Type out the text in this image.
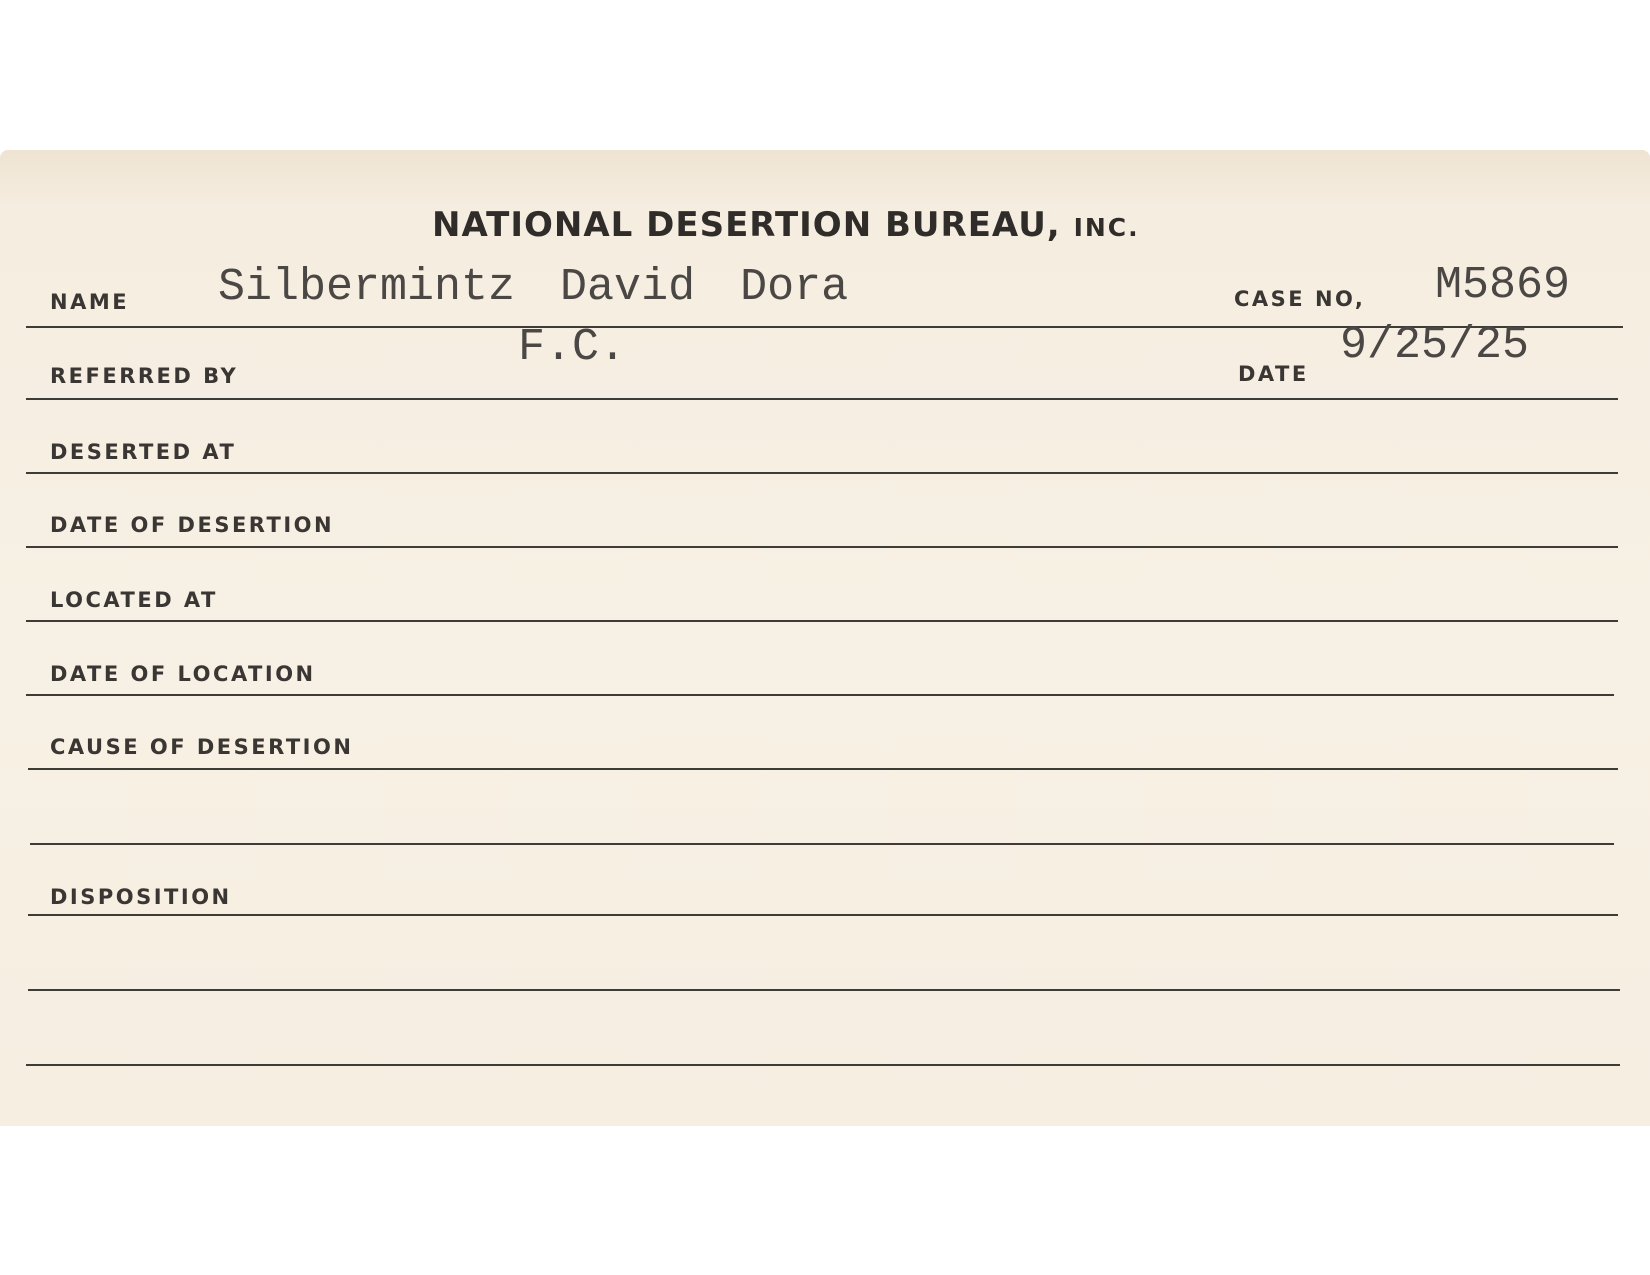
NATIONAL DESERTION BUREAU, INC.
NAME Silbermintz David Dora	CASE NO, M5869
REFERRED BY
F.C.
DATE
9/25/25
DESERTED AT
DATE OF DESERTION
LOCATED AT
DATE OF LOCATION
CAUSE OF DESERTION
DISPOSITION
